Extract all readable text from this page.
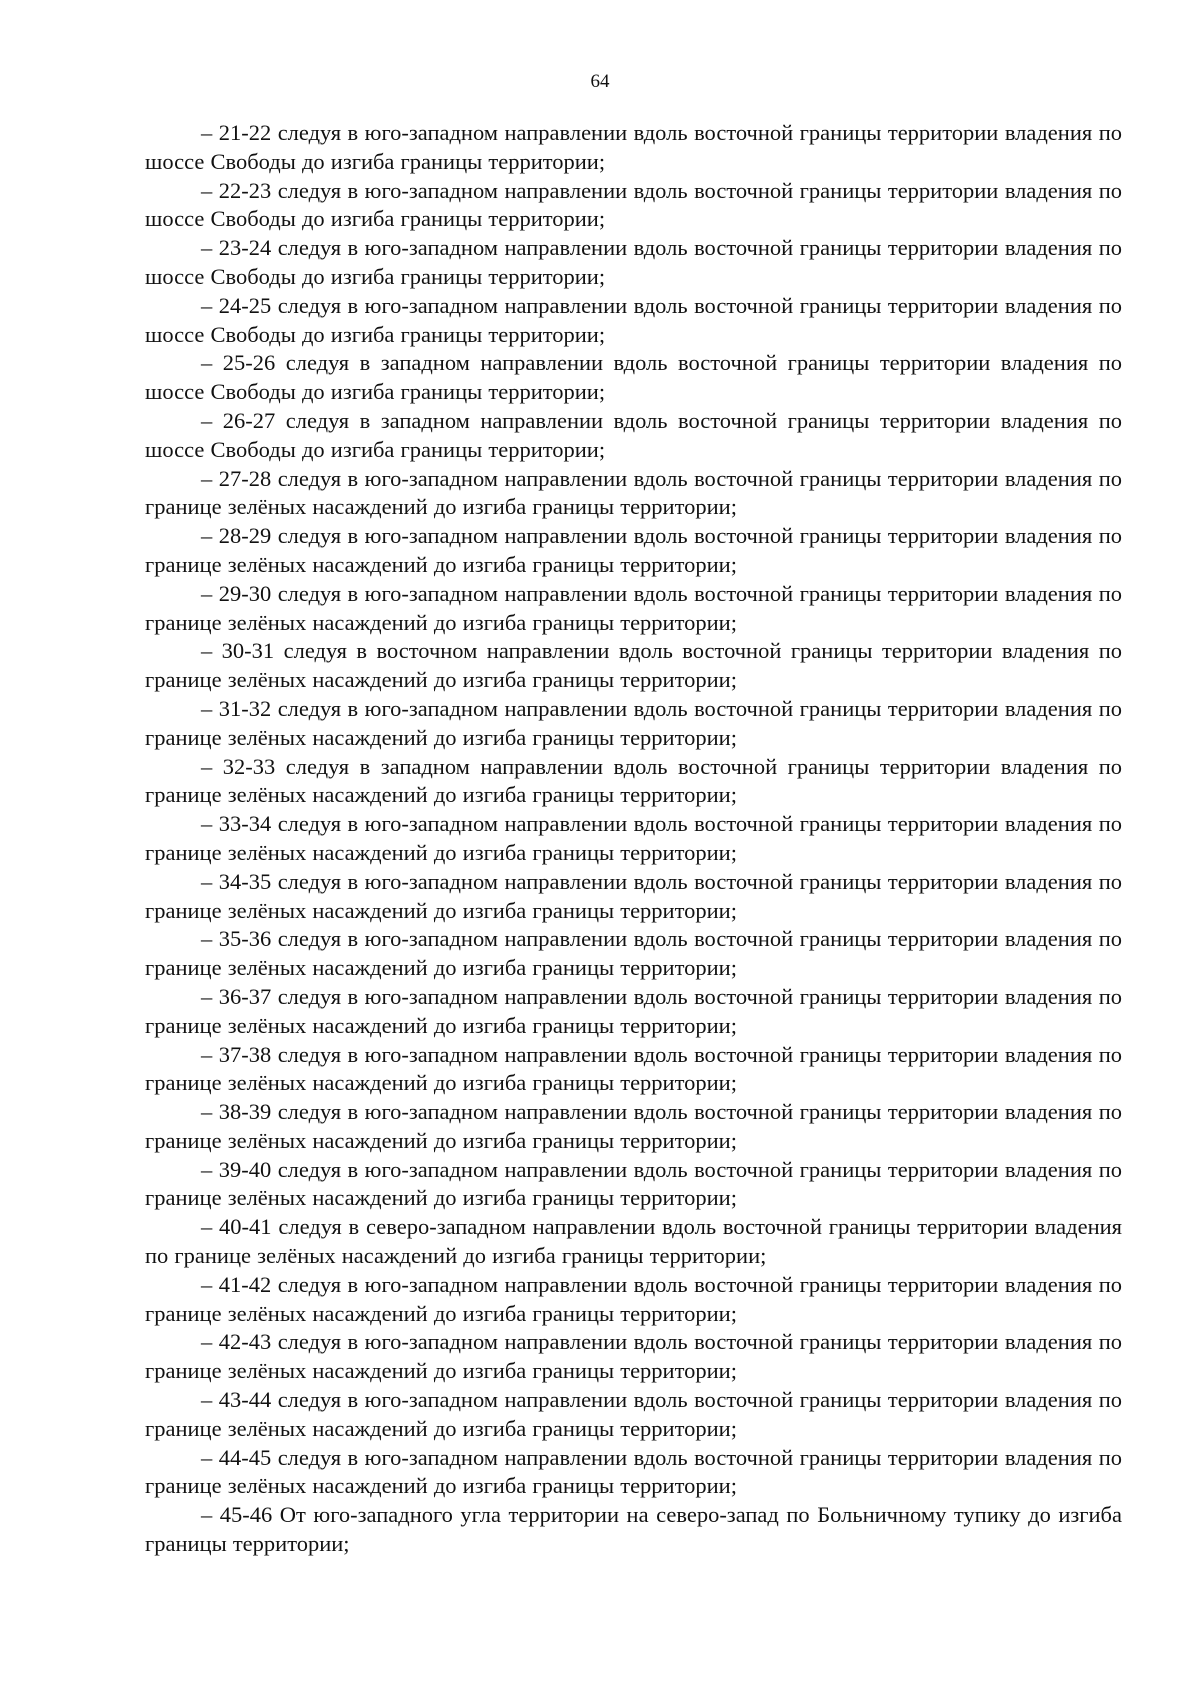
64

– 21-22 следуя в юго-западном направлении вдоль восточной границы территории владения по шоссе Свободы до изгиба границы территории;

– 22-23 следуя в юго-западном направлении вдоль восточной границы территории владения по шоссе Свободы до изгиба границы территории;

– 23-24 следуя в юго-западном направлении вдоль восточной границы территории владения по шоссе Свободы до изгиба границы территории;

– 24-25 следуя в юго-западном направлении вдоль восточной границы территории владения по шоссе Свободы до изгиба границы территории;

– 25-26 следуя в западном направлении вдоль восточной границы территории владения по шоссе Свободы до изгиба границы территории;

– 26-27 следуя в западном направлении вдоль восточной границы территории владения по шоссе Свободы до изгиба границы территории;

– 27-28 следуя в юго-западном направлении вдоль восточной границы территории владения по границе зелёных насаждений до изгиба границы территории;

– 28-29 следуя в юго-западном направлении вдоль восточной границы территории владения по границе зелёных насаждений до изгиба границы территории;

– 29-30 следуя в юго-западном направлении вдоль восточной границы территории владения по границе зелёных насаждений до изгиба границы территории;

– 30-31 следуя в восточном направлении вдоль восточной границы территории владения по границе зелёных насаждений до изгиба границы территории;

– 31-32 следуя в юго-западном направлении вдоль восточной границы территории владения по границе зелёных насаждений до изгиба границы территории;

– 32-33 следуя в западном направлении вдоль восточной границы территории владения по границе зелёных насаждений до изгиба границы территории;

– 33-34 следуя в юго-западном направлении вдоль восточной границы территории владения по границе зелёных насаждений до изгиба границы территории;

– 34-35 следуя в юго-западном направлении вдоль восточной границы территории владения по границе зелёных насаждений до изгиба границы территории;

– 35-36 следуя в юго-западном направлении вдоль восточной границы территории владения по границе зелёных насаждений до изгиба границы территории;

– 36-37 следуя в юго-западном направлении вдоль восточной границы территории владения по границе зелёных насаждений до изгиба границы территории;

– 37-38 следуя в юго-западном направлении вдоль восточной границы территории владения по границе зелёных насаждений до изгиба границы территории;

– 38-39 следуя в юго-западном направлении вдоль восточной границы территории владения по границе зелёных насаждений до изгиба границы территории;

– 39-40 следуя в юго-западном направлении вдоль восточной границы территории владения по границе зелёных насаждений до изгиба границы территории;

– 40-41 следуя в северо-западном направлении вдоль восточной границы территории владения по границе зелёных насаждений до изгиба границы территории;

– 41-42 следуя в юго-западном направлении вдоль восточной границы территории владения по границе зелёных насаждений до изгиба границы территории;

– 42-43 следуя в юго-западном направлении вдоль восточной границы территории владения по границе зелёных насаждений до изгиба границы территории;

– 43-44 следуя в юго-западном направлении вдоль восточной границы территории владения по границе зелёных насаждений до изгиба границы территории;

– 44-45 следуя в юго-западном направлении вдоль восточной границы территории владения по границе зелёных насаждений до изгиба границы территории;

– 45-46 От юго-западного угла территории на северо-запад по Больничному тупику до изгиба границы территории;
